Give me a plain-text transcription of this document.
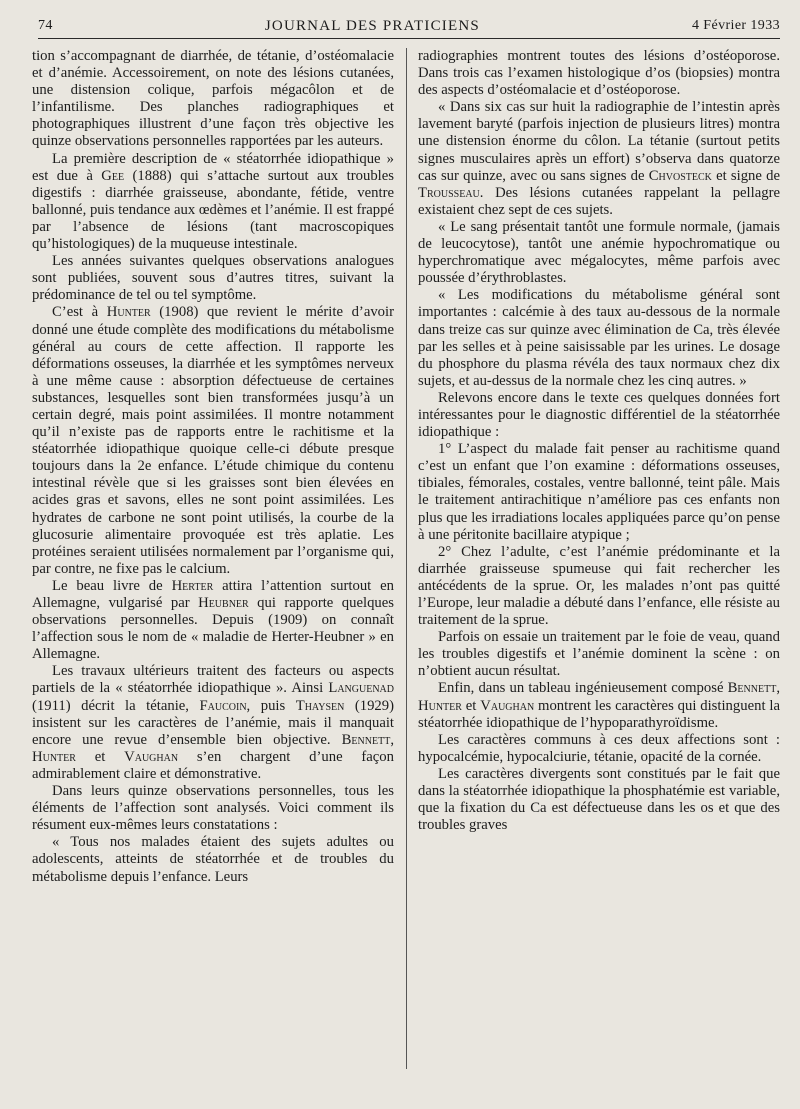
74	JOURNAL DES PRATICIENS	4 Février 1933

tion s’accompagnant de diarrhée, de tétanie, d’ostéomalacie et d’anémie. Accessoirement, on note des lésions cutanées, une distension colique, parfois mégacôlon et de l’infantilisme. Des planches radiographiques et photographiques illustrent d’une façon très objective les quinze observations personnelles rapportées par les auteurs.

La première description de « stéatorrhée idiopathique » est due à Gee (1888) qui s’attache surtout aux troubles digestifs : diarrhée graisseuse, abondante, fétide, ventre ballonné, puis tendance aux œdèmes et l’anémie. Il est frappé par l’absence de lésions (tant macroscopiques qu’histologiques) de la muqueuse intestinale.

Les années suivantes quelques observations analogues sont publiées, souvent sous d’autres titres, suivant la prédominance de tel ou tel symptôme.

C’est à Hunter (1908) que revient le mérite d’avoir donné une étude complète des modifications du métabolisme général au cours de cette affection. Il rapporte les déformations osseuses, la diarrhée et les symptômes nerveux à une même cause : absorption défectueuse de certaines substances, lesquelles sont bien transformées jusqu’à un certain degré, mais point assimilées. Il montre notamment qu’il n’existe pas de rapports entre le rachitisme et la stéatorrhée idiopathique quoique celle-ci débute presque toujours dans la 2e enfance. L’étude chimique du contenu intestinal révèle que si les graisses sont bien élevées en acides gras et savons, elles ne sont point assimilées. Les hydrates de carbone ne sont point utilisés, la courbe de la glucosurie alimentaire provoquée est très aplatie. Les protéines seraient utilisées normalement par l’organisme qui, par contre, ne fixe pas le calcium.

Le beau livre de Herter attira l’attention surtout en Allemagne, vulgarisé par Heubner qui rapporte quelques observations personnelles. Depuis (1909) on connaît l’affection sous le nom de « maladie de Herter-Heubner » en Allemagne.

Les travaux ultérieurs traitent des facteurs ou aspects partiels de la « stéatorrhée idiopathique ». Ainsi Languenad (1911) décrit la tétanie, Faucoin, puis Thaysen (1929) insistent sur les caractères de l’anémie, mais il manquait encore une revue d’ensemble bien objective. Bennett, Hunter et Vaughan s’en chargent d’une façon admirablement claire et démonstrative.

Dans leurs quinze observations personnelles, tous les éléments de l’affection sont analysés. Voici comment ils résument eux-mêmes leurs constatations :

« Tous nos malades étaient des sujets adultes ou adolescents, atteints de stéatorrhée et de troubles du métabolisme depuis l’enfance. Leurs

radiographies montrent toutes des lésions d’ostéoporose. Dans trois cas l’examen histologique d’os (biopsies) montra des aspects d’ostéomalacie et d’ostéoporose.

« Dans six cas sur huit la radiographie de l’intestin après lavement baryté (parfois injection de plusieurs litres) montra une distension énorme du côlon. La tétanie (surtout petits signes musculaires après un effort) s’observa dans quatorze cas sur quinze, avec ou sans signes de Chvosteck et signe de Trousseau. Des lésions cutanées rappelant la pellagre existaient chez sept de ces sujets.

« Le sang présentait tantôt une formule normale, (jamais de leucocytose), tantôt une anémie hypochromatique ou hyperchromatique avec mégalocytes, même parfois avec poussée d’érythroblastes.

« Les modifications du métabolisme général sont importantes : calcémie à des taux au-dessous de la normale dans treize cas sur quinze avec élimination de Ca, très élevée par les selles et à peine saisissable par les urines. Le dosage du phosphore du plasma révéla des taux normaux chez dix sujets, et au-dessus de la normale chez les cinq autres. »

Relevons encore dans le texte ces quelques données fort intéressantes pour le diagnostic différentiel de la stéatorrhée idiopathique :

1° L’aspect du malade fait penser au rachitisme quand c’est un enfant que l’on examine : déformations osseuses, tibiales, fémorales, costales, ventre ballonné, teint pâle. Mais le traitement antirachitique n’améliore pas ces enfants non plus que les irradiations locales appliquées parce qu’on pense à une péritonite bacillaire atypique ;

2° Chez l’adulte, c’est l’anémie prédominante et la diarrhée graisseuse spumeuse qui fait rechercher les antécédents de la sprue. Or, les malades n’ont pas quitté l’Europe, leur maladie a débuté dans l’enfance, elle résiste au traitement de la sprue.

Parfois on essaie un traitement par le foie de veau, quand les troubles digestifs et l’anémie dominent la scène : on n’obtient aucun résultat.

Enfin, dans un tableau ingénieusement composé Bennett, Hunter et Vaughan montrent les caractères qui distinguent la stéatorrhée idiopathique de l’hypoparathyroïdisme.

Les caractères communs à ces deux affections sont : hypocalcémie, hypocalciurie, tétanie, opacité de la cornée.

Les caractères divergents sont constitués par le fait que dans la stéatorrhée idiopathique la phosphatémie est variable, que la fixation du Ca est défectueuse dans les os et que des troubles graves
